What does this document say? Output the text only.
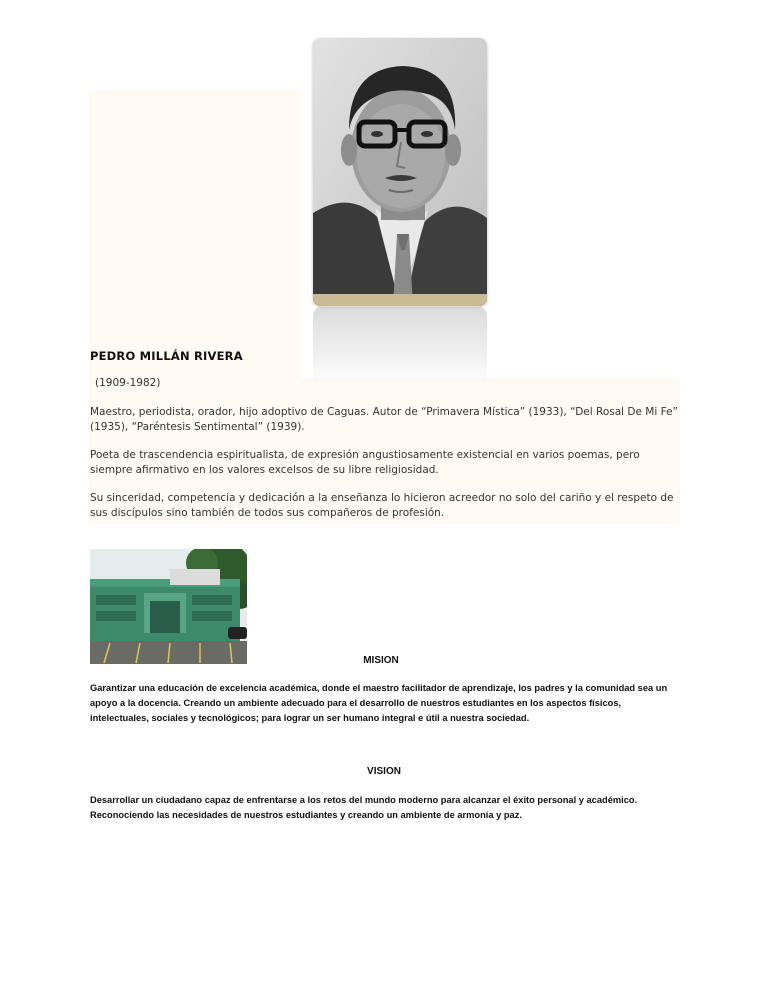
PEDRO MILLÁN RIVERA
(1909-1982)
Maestro, periodista, orador, hijo adoptivo de Caguas. Autor de “Primavera Mística” (1933), “Del Rosal De Mi Fe” (1935), “Paréntesis Sentimental” (1939).
Poeta de trascendencia espiritualista, de expresión angustiosamente existencial en varios poemas, pero siempre afirmativo en los valores excelsos de su libre religiosidad.
Su sinceridad, competencia y dedicación a la enseñanza lo hicieron acreedor no solo del cariño y el respeto de sus discípulos sino también de todos sus compañeros de profesión.
MISION
Garantizar una educación de excelencia académica, donde el maestro facilitador de aprendizaje, los padres y la comunidad sea un apoyo a la docencia. Creando un ambiente adecuado para el desarrollo de nuestros estudiantes en los aspectos físicos, intelectuales, sociales y tecnológicos; para lograr un ser humano integral e útil a nuestra sociedad.
VISION
Desarrollar un ciudadano capaz de enfrentarse a los retos del mundo moderno para alcanzar el éxito personal y académico. Reconociendo las necesidades de nuestros estudiantes y creando un ambiente de armonía y paz.
